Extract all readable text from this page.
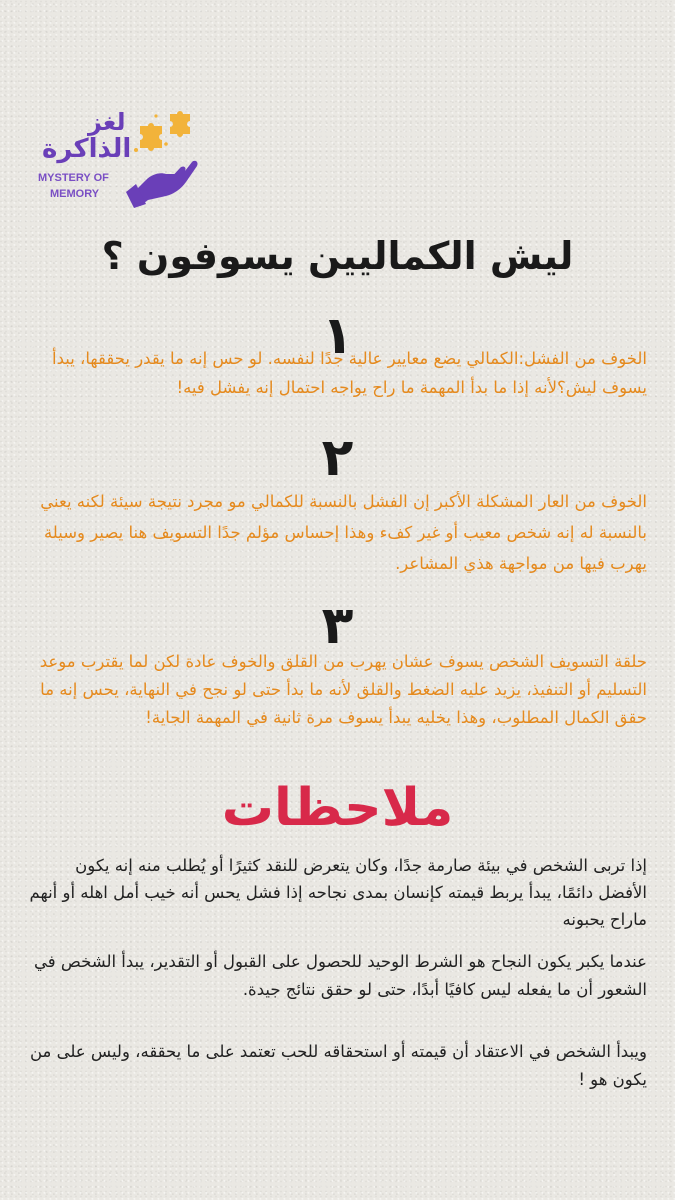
لغز
الذاكرة
MYSTERY OF
MEMORY
ليش الكماليين يسوفون ؟
١
الخوف من الفشل:الكمالي يضع معايير عالية جدًا لنفسه. لو حس إنه ما يقدر يحققها، يبدأ يسوف ليش؟لأنه إذا ما بدأ المهمة ما راح يواجه احتمال إنه يفشل فيه!
٢
الخوف من العار المشكلة الأكبر إن الفشل بالنسبة للكمالي مو مجرد نتيجة سيئة لكنه يعني بالنسبة له إنه شخص معيب أو غير كفء وهذا إحساس مؤلم جدًا التسويف هنا يصير وسيلة يهرب فيها من مواجهة هذي المشاعر.
٣
حلقة التسويف الشخص يسوف عشان يهرب من القلق والخوف عادة لكن لما يقترب موعد التسليم أو التنفيذ، يزيد عليه الضغط والقلق لأنه ما بدأ حتى لو نجح في النهاية، يحس إنه ما حقق الكمال المطلوب، وهذا يخليه يبدأ يسوف مرة ثانية في المهمة الجاية!
ملاحظات
إذا تربى الشخص في بيئة صارمة جدًا، وكان يتعرض للنقد كثيرًا أو يُطلب منه إنه يكون الأفضل دائمًا، يبدأ يربط قيمته كإنسان بمدى نجاحه إذا فشل يحس أنه خيب أمل اهله أو أنهم ماراح يحبونه
عندما يكبر يكون النجاح هو الشرط الوحيد للحصول على القبول أو التقدير، يبدأ الشخص في الشعور أن ما يفعله ليس كافيًا أبدًا، حتى لو حقق نتائج جيدة.
ويبدأ الشخص في الاعتقاد أن قيمته أو استحقاقه للحب تعتمد على ما يحققه، وليس على من يكون هو !
